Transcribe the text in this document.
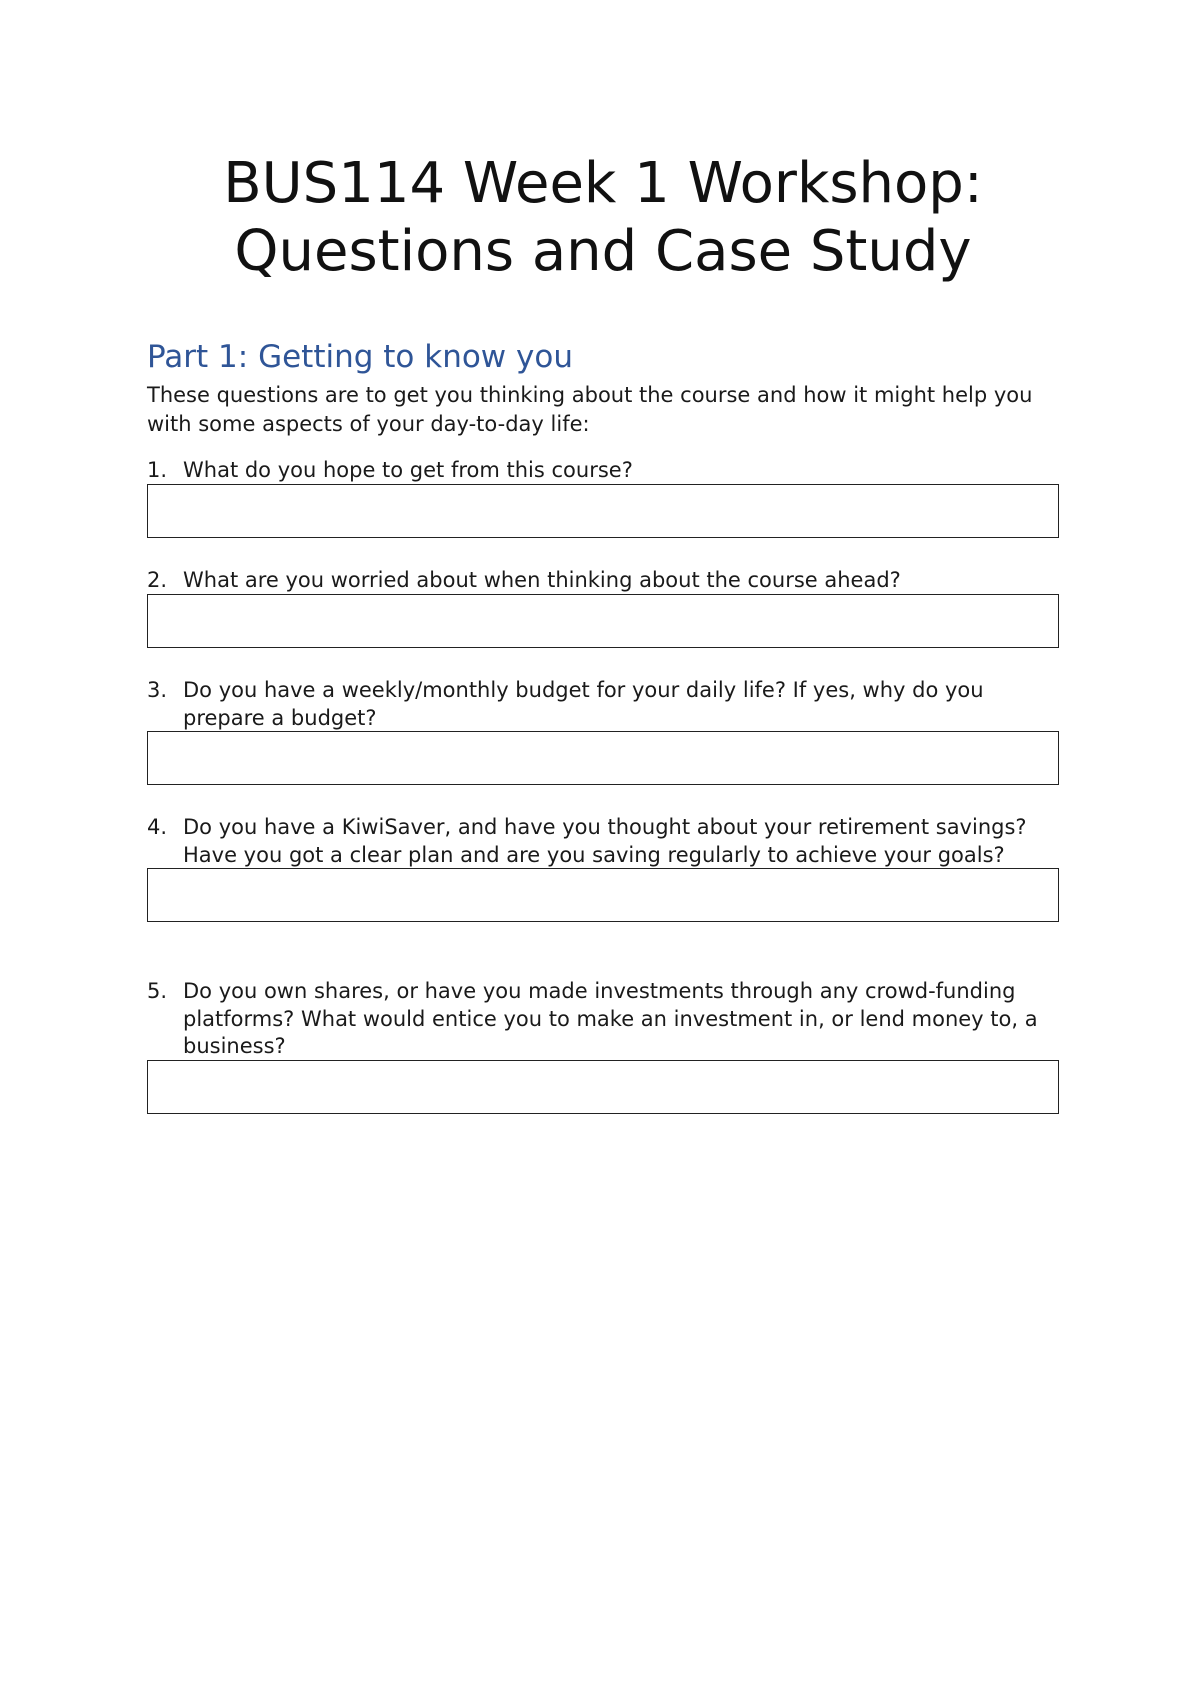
BUS114 Week 1 Workshop:
Questions and Case Study
Part 1: Getting to know you

These questions are to get you thinking about the course and how it might help you with some aspects of your day-to-day life:

1. What do you hope to get from this course?
2. What are you worried about when thinking about the course ahead?
3. Do you have a weekly/monthly budget for your daily life? If yes, why do you prepare a budget?
4. Do you have a KiwiSaver, and have you thought about your retirement savings? Have you got a clear plan and are you saving regularly to achieve your goals?
5. Do you own shares, or have you made investments through any crowd-funding platforms? What would entice you to make an investment in, or lend money to, a business?
